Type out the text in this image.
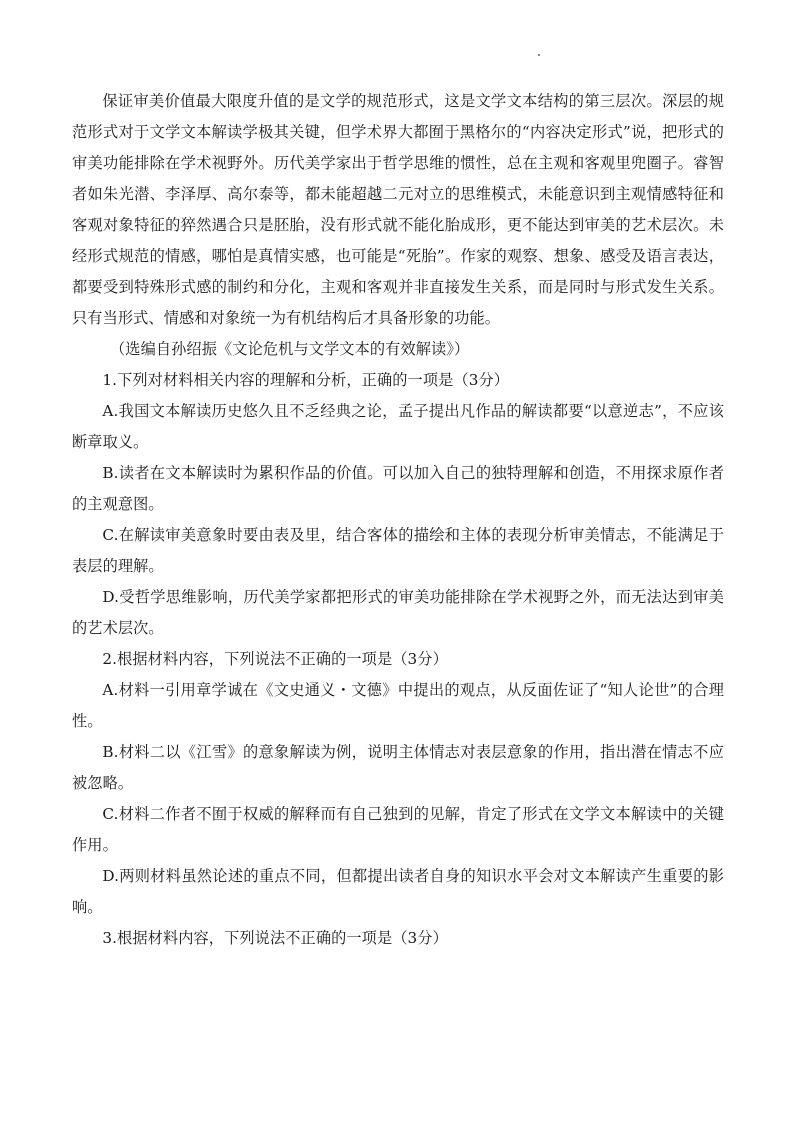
保证审美价值最大限度升值的是文学的规范形式，这是文学文本结构的第三层次。深层的规范形式对于文学文本解读学极其关键，但学术界大都囿于黑格尔的“内容决定形式”说，把形式的审美功能排除在学术视野外。历代美学家出于哲学思维的惯性，总在主观和客观里兜圈子。睿智者如朱光潜、李泽厚、高尔泰等，都未能超越二元对立的思维模式，未能意识到主观情感特征和客观对象特征的猝然遇合只是胚胎，没有形式就不能化胎成形，更不能达到审美的艺术层次。未经形式规范的情感，哪怕是真情实感，也可能是“死胎”。作家的观察、想象、感受及语言表达，都要受到特殊形式感的制约和分化，主观和客观并非直接发生关系，而是同时与形式发生关系。只有当形式、情感和对象统一为有机结构后才具备形象的功能。

（选编自孙绍振《文论危机与文学文本的有效解读》）

1.下列对材料相关内容的理解和分析，正确的一项是（3分）

A.我国文本解读历史悠久且不乏经典之论，孟子提出凡作品的解读都要“以意逆志”，不应该断章取义。

B.读者在文本解读时为累积作品的价值。可以加入自己的独特理解和创造，不用探求原作者的主观意图。

C.在解读审美意象时要由表及里，结合客体的描绘和主体的表现分析审美情志，不能满足于表层的理解。

D.受哲学思维影响，历代美学家都把形式的审美功能排除在学术视野之外，而无法达到审美的艺术层次。

2.根据材料内容，下列说法不正确的一项是（3分）

A.材料一引用章学诚在《文史通义・文德》中提出的观点，从反面佐证了“知人论世”的合理性。

B.材料二以《江雪》的意象解读为例，说明主体情志对表层意象的作用，指出潜在情志不应被忽略。

C.材料二作者不囿于权威的解释而有自己独到的见解，肯定了形式在文学文本解读中的关键作用。

D.两则材料虽然论述的重点不同，但都提出读者自身的知识水平会对文本解读产生重要的影响。

3.根据材料内容，下列说法不正确的一项是（3分）
